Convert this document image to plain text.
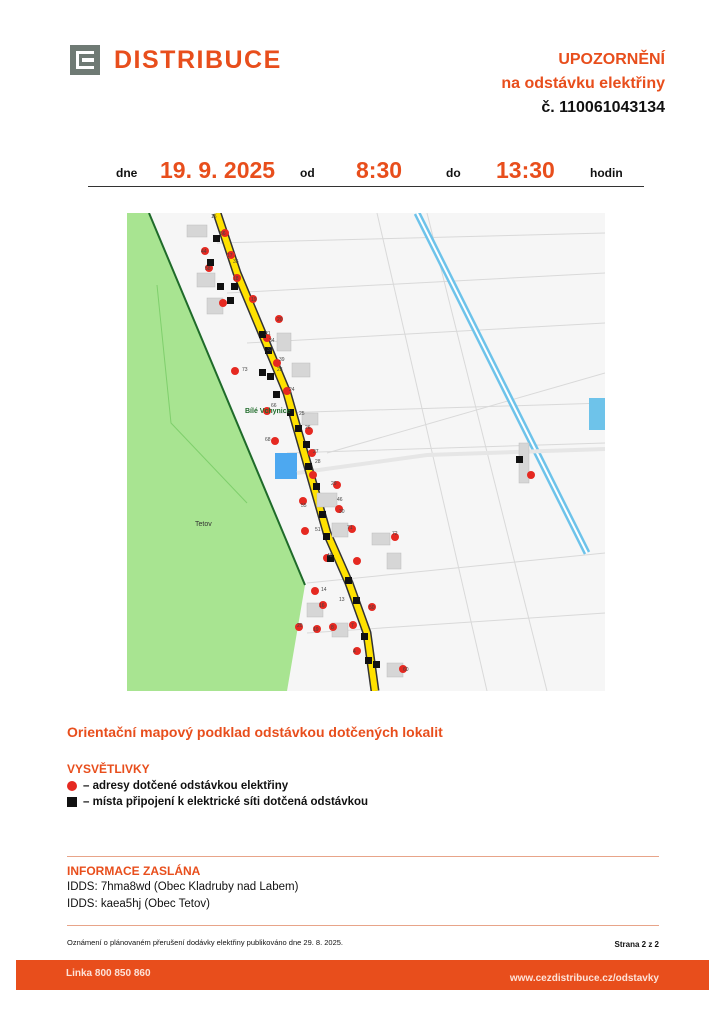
DISTRIBUCE	UPOZORNĚNÍ
na odstávku elektřiny
č. 110061043134
dne 19. 9. 2025 od 8:30	do 13:30	hodin
Bílé Vchynice
Tetov
15
56
44
17
35
58
18
19
20
21
34
32
39
23
73
24
25
26
66
68
27
28
29
30
46
55
51
72
71
48
14
16
13
50
20
19 8	7
4
60
Orientační mapový podklad odstávkou dotčených lokalit
VYSVĚTLIVKY
– adresy dotčené odstávkou elektřiny
– místa připojení k elektrické síti dotčená odstávkou
INFORMACE ZASLÁNA
IDDS: 7hma8wd (Obec Kladruby nad Labem)
IDDS: kaea5hj (Obec Tetov)
Oznámení o plánovaném přerušení dodávky elektřiny publikováno dne 29. 8. 2025.	Strana 2 z 2
Linka 800 850 860	www.cezdistribuce.cz/odstavky
